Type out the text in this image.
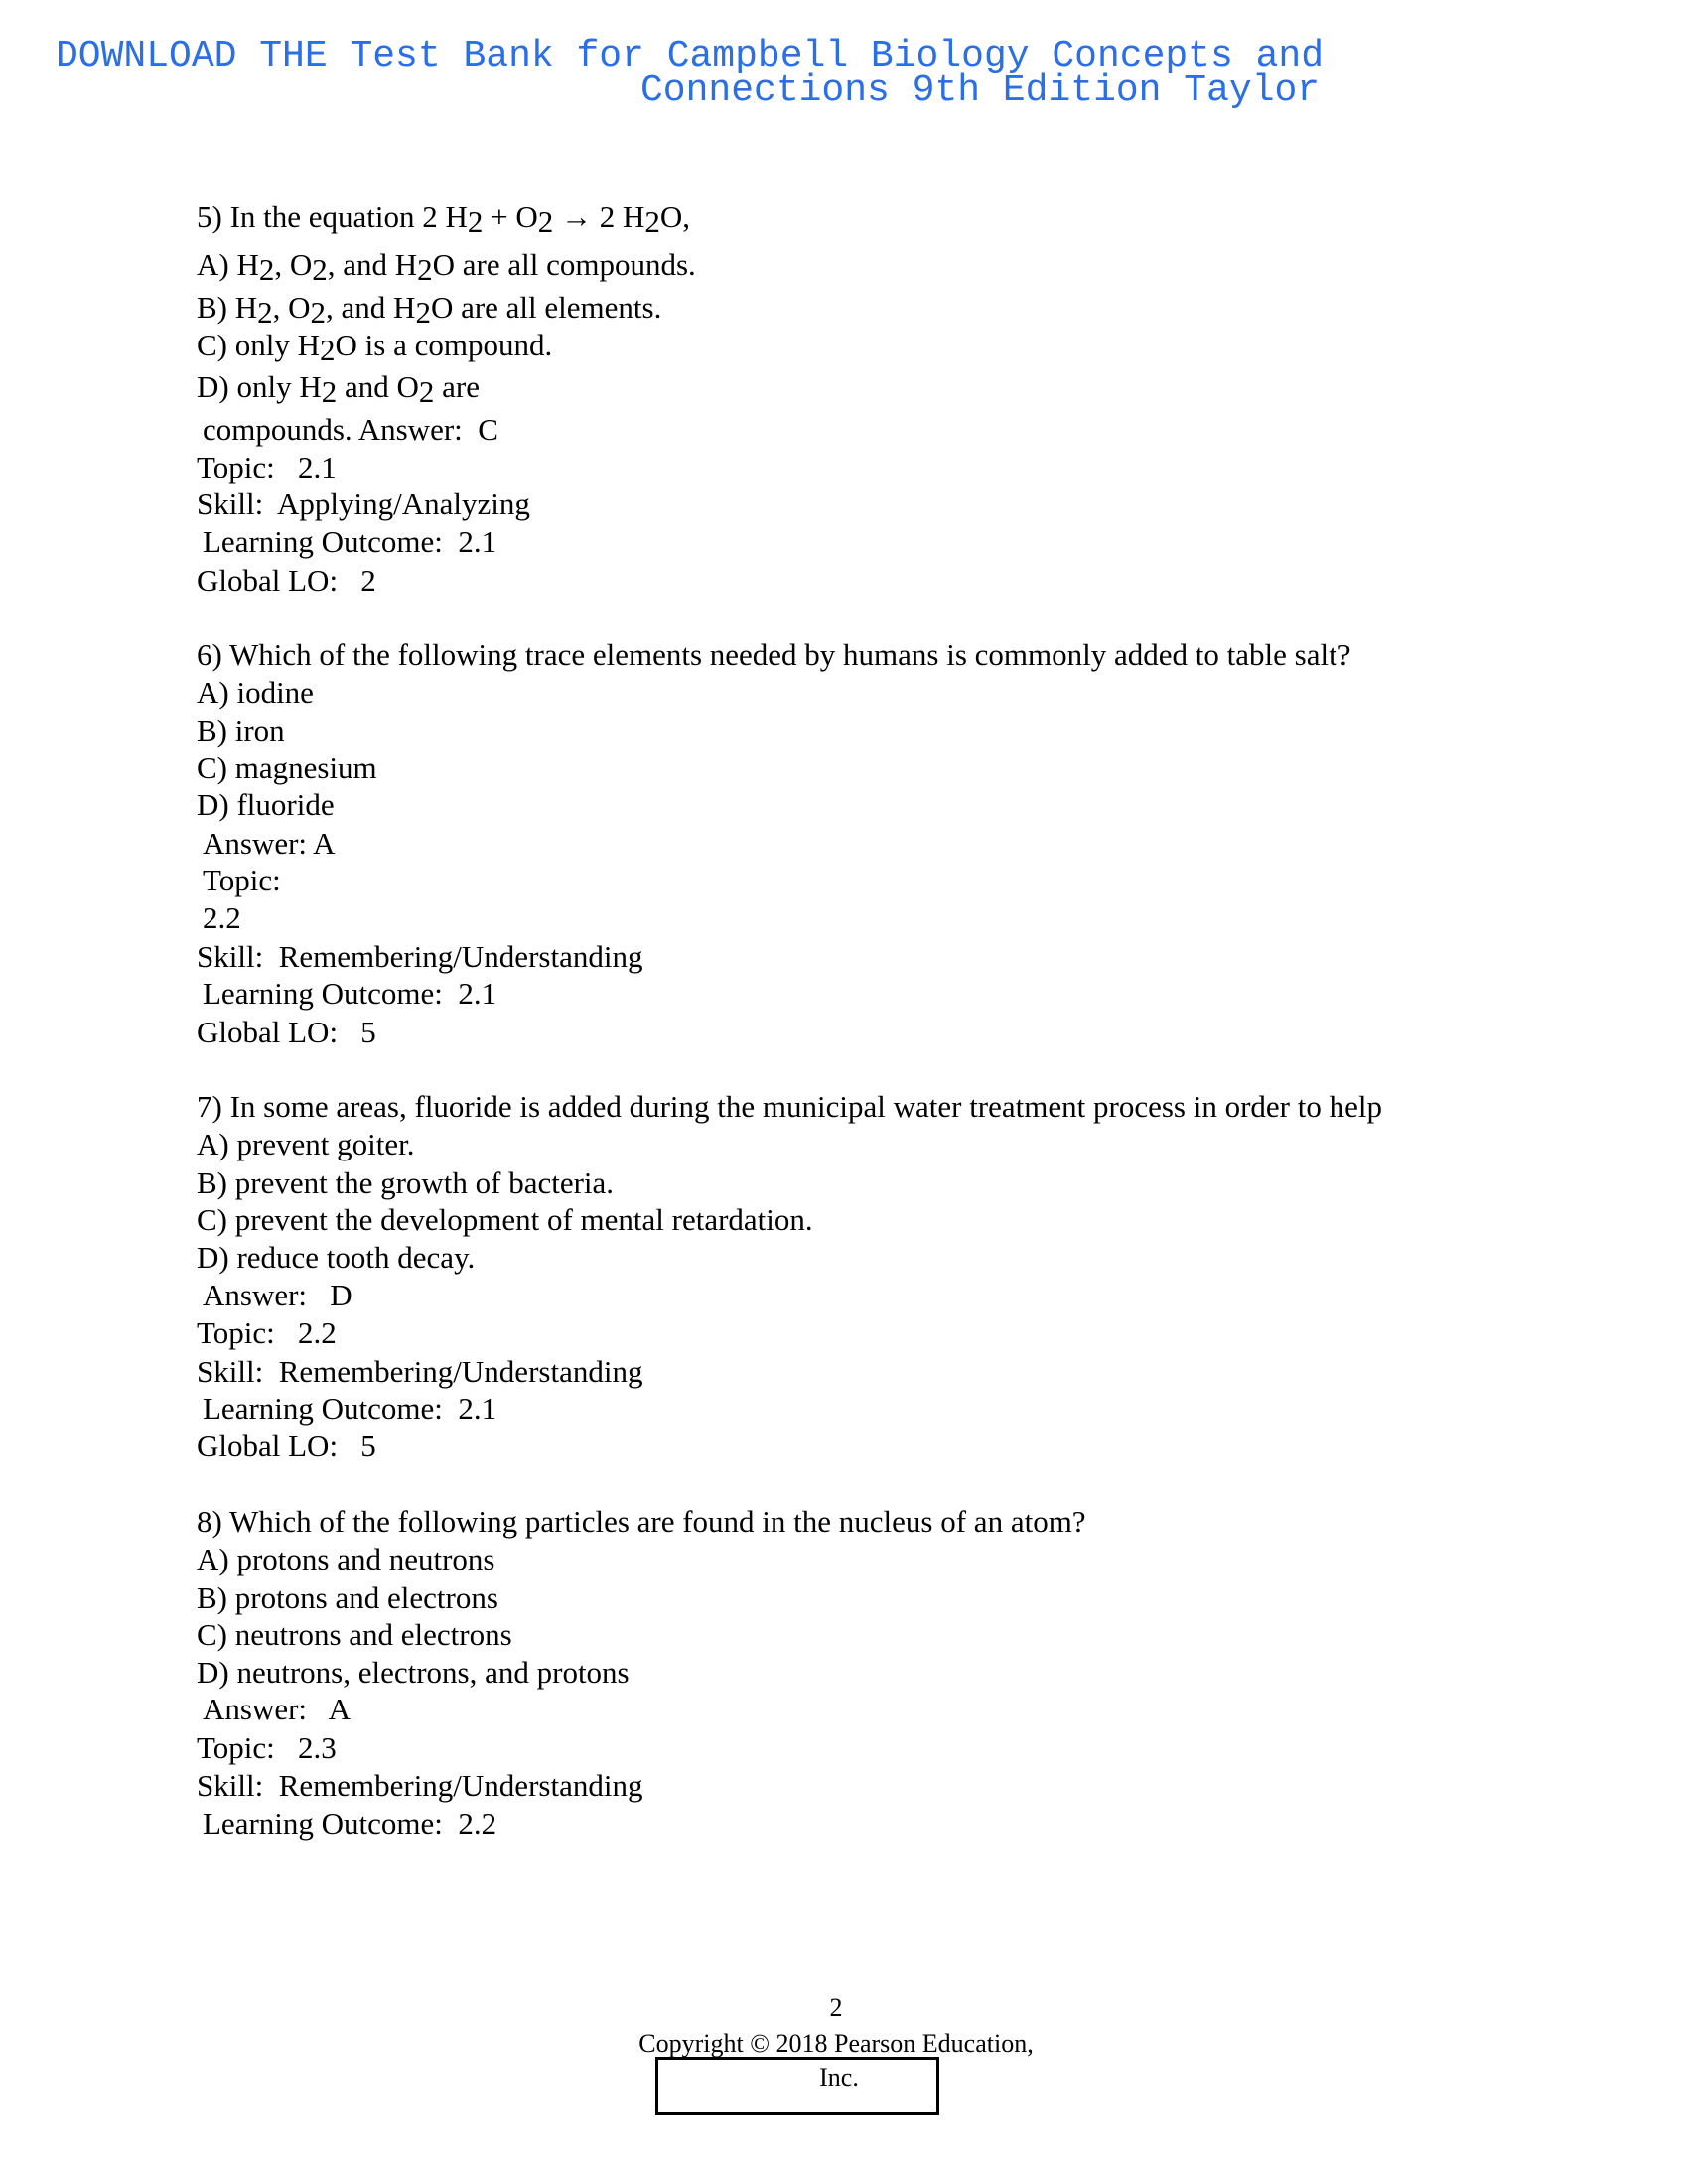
DOWNLOAD THE Test Bank for Campbell Biology Concepts and
Connections 9th Edition Taylor
5) In the equation 2 $H_2 + O_2 \to 2$ $H_2O$,
A) $H_2$, $O_2$, and $H_2O$ are all compounds.
B) $H_2$, $O_2$, and $H_2O$ are all elements.
C) only $H_2O$ is a compound.
D) only $H_2$ and $O_2$ are
compounds. Answer:  C
Topic:   2.1
Skill:  Applying/Analyzing
Learning Outcome:  2.1
Global LO:   2
6) Which of the following trace elements needed by humans is commonly added to table salt?
A) iodine
B) iron
C) magnesium
D) fluoride
Answer: A
Topic:
2.2
Skill:  Remembering/Understanding
Learning Outcome:  2.1
Global LO:   5
7) In some areas, fluoride is added during the municipal water treatment process in order to help
A) prevent goiter.
B) prevent the growth of bacteria.
C) prevent the development of mental retardation.
D) reduce tooth decay.
Answer:   D
Topic:   2.2
Skill:  Remembering/Understanding
Learning Outcome:  2.1
Global LO:   5
8) Which of the following particles are found in the nucleus of an atom?
A) protons and neutrons
B) protons and electrons
C) neutrons and electrons
D) neutrons, electrons, and protons
Answer:   A
Topic:   2.3
Skill:  Remembering/Understanding
Learning Outcome:  2.2
2
Copyright © 2018 Pearson Education,
Inc.
